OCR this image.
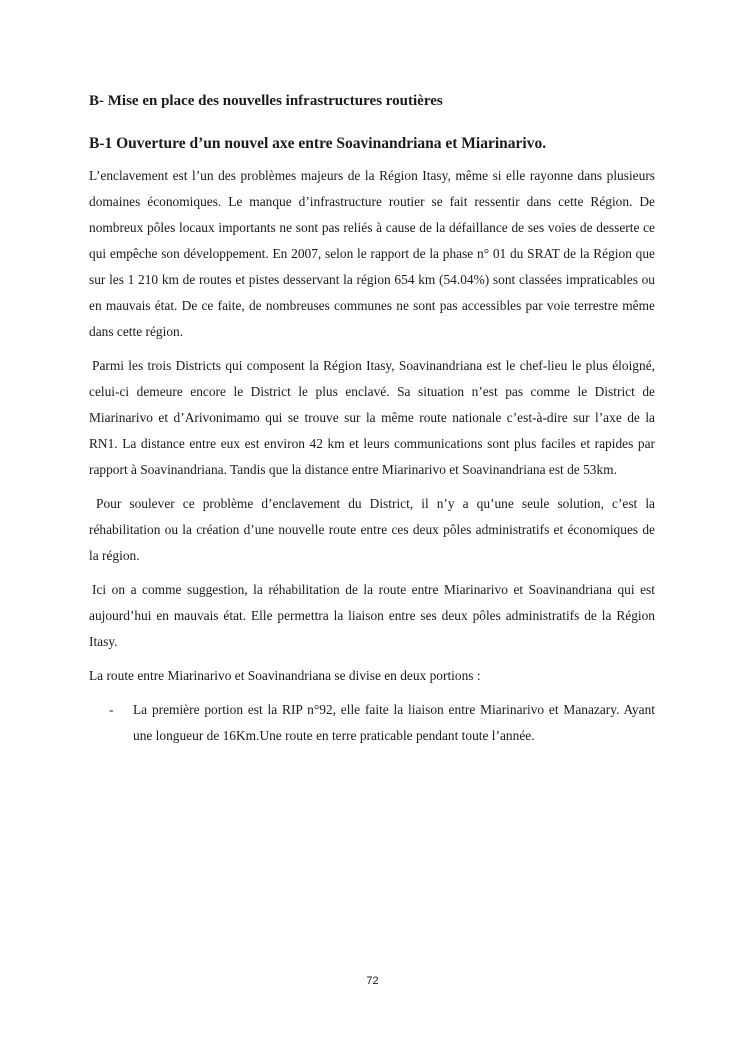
B- Mise en place des nouvelles infrastructures routières
B-1 Ouverture d’un nouvel axe entre Soavinandriana et Miarinarivo.

L’enclavement est l’un des problèmes majeurs de la Région Itasy, même si elle rayonne dans plusieurs domaines économiques. Le manque d’infrastructure routier se fait ressentir dans cette Région. De nombreux pôles locaux importants ne sont pas reliés à cause de la défaillance de ses voies de desserte ce qui empêche son développement. En 2007, selon le rapport de la phase n° 01 du SRAT de la Région que sur les 1 210 km de routes et pistes desservant la région 654 km (54.04%) sont classées impraticables ou en mauvais état. De ce faite, de nombreuses communes ne sont pas accessibles par voie terrestre même dans cette région.

Parmi les trois Districts qui composent la Région Itasy, Soavinandriana est le chef-lieu le plus éloigné, celui-ci demeure encore le District le plus enclavé. Sa situation n’est pas comme le District de Miarinarivo et d’Arivonimamo qui se trouve sur la même route nationale c’est-à-dire sur l’axe de la RN1. La distance entre eux est environ 42 km et leurs communications sont plus faciles et rapides par rapport à Soavinandriana. Tandis que la distance entre Miarinarivo et Soavinandriana est de 53km.

Pour soulever ce problème d’enclavement du District, il n’y a qu’une seule solution, c’est la réhabilitation ou la création d’une nouvelle route entre ces deux pôles administratifs et économiques de la région.

Ici on a comme suggestion, la réhabilitation de la route entre Miarinarivo et Soavinandriana qui est aujourd’hui en mauvais état. Elle permettra la liaison entre ses deux pôles administratifs de la Région Itasy.

La route entre Miarinarivo et Soavinandriana se divise en deux portions :

- La première portion est la RIP n°92, elle faite la liaison entre Miarinarivo et Manazary. Ayant une longueur de 16Km.Une route en terre praticable pendant toute l’année.
72
